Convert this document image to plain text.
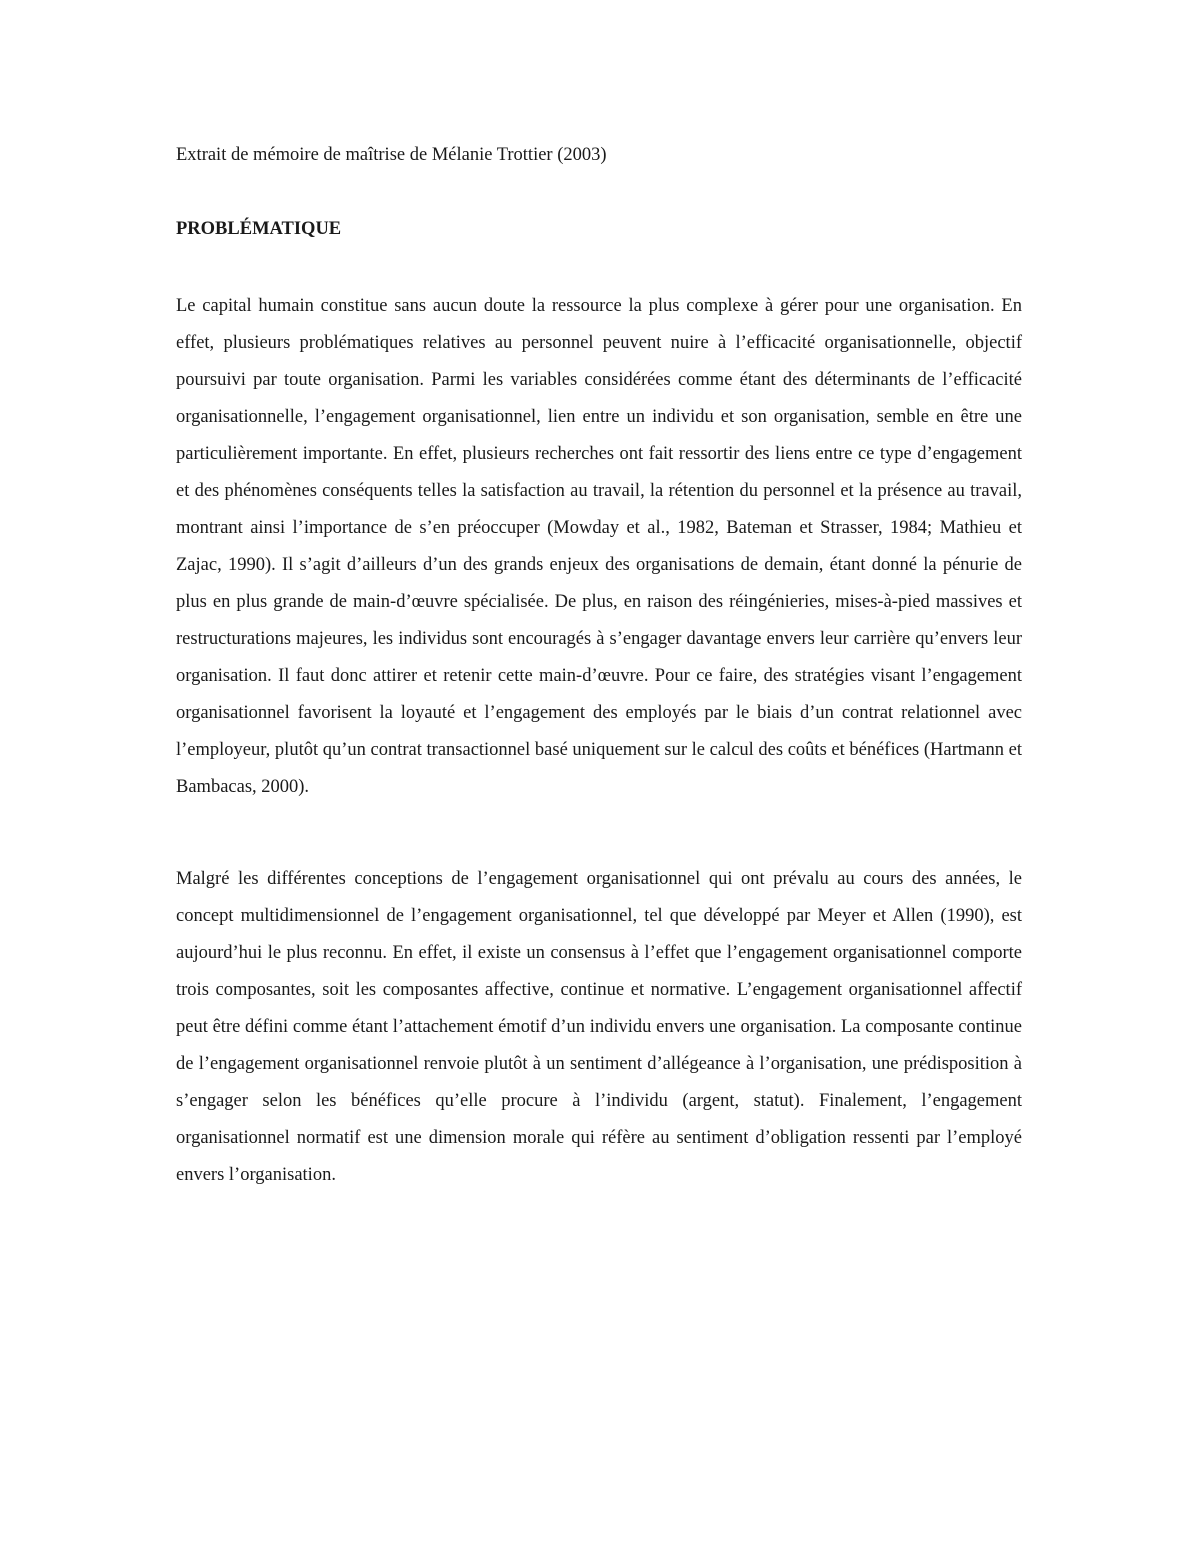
Extrait de mémoire de maîtrise de Mélanie Trottier (2003)

PROBLÉMATIQUE

Le capital humain constitue sans aucun doute la ressource la plus complexe à gérer pour une organisation. En effet, plusieurs problématiques relatives au personnel peuvent nuire à l’efficacité organisationnelle, objectif poursuivi par toute organisation. Parmi les variables considérées comme étant des déterminants de l’efficacité organisationnelle, l’engagement organisationnel, lien entre un individu et son organisation, semble en être une particulièrement importante. En effet, plusieurs recherches ont fait ressortir des liens entre ce type d’engagement et des phénomènes conséquents telles la satisfaction au travail, la rétention du personnel et la présence au travail, montrant ainsi l’importance de s’en préoccuper (Mowday et al., 1982, Bateman et Strasser, 1984; Mathieu et Zajac, 1990). Il s’agit d’ailleurs d’un des grands enjeux des organisations de demain, étant donné la pénurie de plus en plus grande de main-d’œuvre spécialisée. De plus, en raison des réingénieries, mises-à-pied massives et restructurations majeures, les individus sont encouragés à s’engager davantage envers leur carrière qu’envers leur organisation. Il faut donc attirer et retenir cette main-d’œuvre. Pour ce faire, des stratégies visant l’engagement organisationnel favorisent la loyauté et l’engagement des employés par le biais d’un contrat relationnel avec l’employeur, plutôt qu’un contrat transactionnel basé uniquement sur le calcul des coûts et bénéfices (Hartmann et Bambacas, 2000).

Malgré les différentes conceptions de l’engagement organisationnel qui ont prévalu au cours des années, le concept multidimensionnel de l’engagement organisationnel, tel que développé par Meyer et Allen (1990), est aujourd’hui le plus reconnu. En effet, il existe un consensus à l’effet que l’engagement organisationnel comporte trois composantes, soit les composantes affective, continue et normative. L’engagement organisationnel affectif peut être défini comme étant l’attachement émotif d’un individu envers une organisation. La composante continue de l’engagement organisationnel renvoie plutôt à un sentiment d’allégeance à l’organisation, une prédisposition à s’engager selon les bénéfices qu’elle procure à l’individu (argent, statut). Finalement, l’engagement organisationnel normatif est une dimension morale qui réfère au sentiment d’obligation ressenti par l’employé envers l’organisation.
